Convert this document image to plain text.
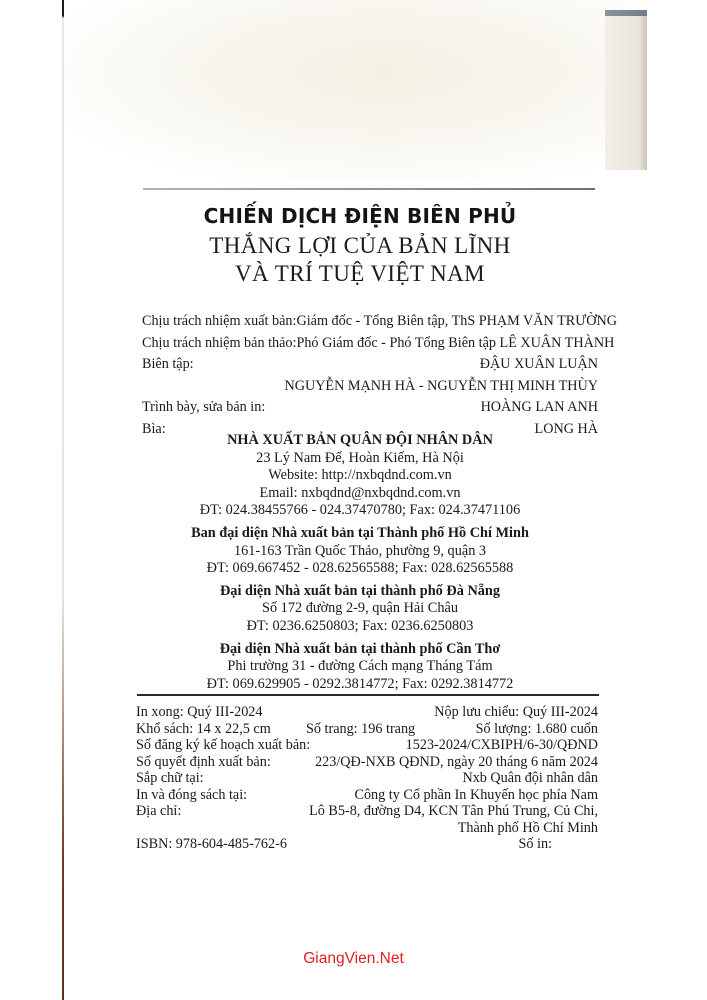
CHIẾN DỊCH ĐIỆN BIÊN PHỦ
THẮNG LỢI CỦA BẢN LĨNH
VÀ TRÍ TUỆ VIỆT NAM
Chịu trách nhiệm xuất bản: Giám đốc - Tổng Biên tập, ThS PHẠM VĂN TRƯỜNG
Chịu trách nhiệm bản thảo: Phó Giám đốc - Phó Tổng Biên tập LÊ XUÂN THÀNH
Biên tập:	ĐẬU XUÂN LUẬN
NGUYỄN MẠNH HÀ - NGUYỄN THỊ MINH THÙY
Trình bày, sửa bản in:	HOÀNG LAN ANH
Bìa:	LONG HÀ
NHÀ XUẤT BẢN QUÂN ĐỘI NHÂN DÂN
23 Lý Nam Đế, Hoàn Kiếm, Hà Nội
Website: http://nxbqdnd.com.vn
Email: nxbqdnd@nxbqdnd.com.vn
ĐT: 024.38455766 - 024.37470780; Fax: 024.37471106
Ban đại diện Nhà xuất bản tại Thành phố Hồ Chí Minh
161-163 Trần Quốc Thảo, phường 9, quận 3
ĐT: 069.667452 - 028.62565588; Fax: 028.62565588
Đại diện Nhà xuất bản tại thành phố Đà Nẵng
Số 172 đường 2-9, quận Hải Châu
ĐT: 0236.6250803; Fax: 0236.6250803
Đại diện Nhà xuất bản tại thành phố Cần Thơ
Phi trường 31 - đường Cách mạng Tháng Tám
ĐT: 069.629905 - 0292.3814772; Fax: 0292.3814772
In xong: Quý III-2024	Nộp lưu chiểu: Quý III-2024
Khổ sách: 14 x 22,5 cm Số trang: 196 trang	Số lượng: 1.680 cuốn
Số đăng ký kế hoạch xuất bản:	1523-2024/CXBIPH/6-30/QĐND
Số quyết định xuất bản:	223/QĐ-NXB QĐND, ngày 20 tháng 6 năm 2024
Sắp chữ tại:	Nxb Quân đội nhân dân
In và đóng sách tại:	Công ty Cổ phần In Khuyến học phía Nam
Địa chỉ:	Lô B5-8, đường D4, KCN Tân Phú Trung, Củ Chi,
Thành phố Hồ Chí Minh
ISBN: 978-604-485-762-6	Số in:
GiangVien.Net
